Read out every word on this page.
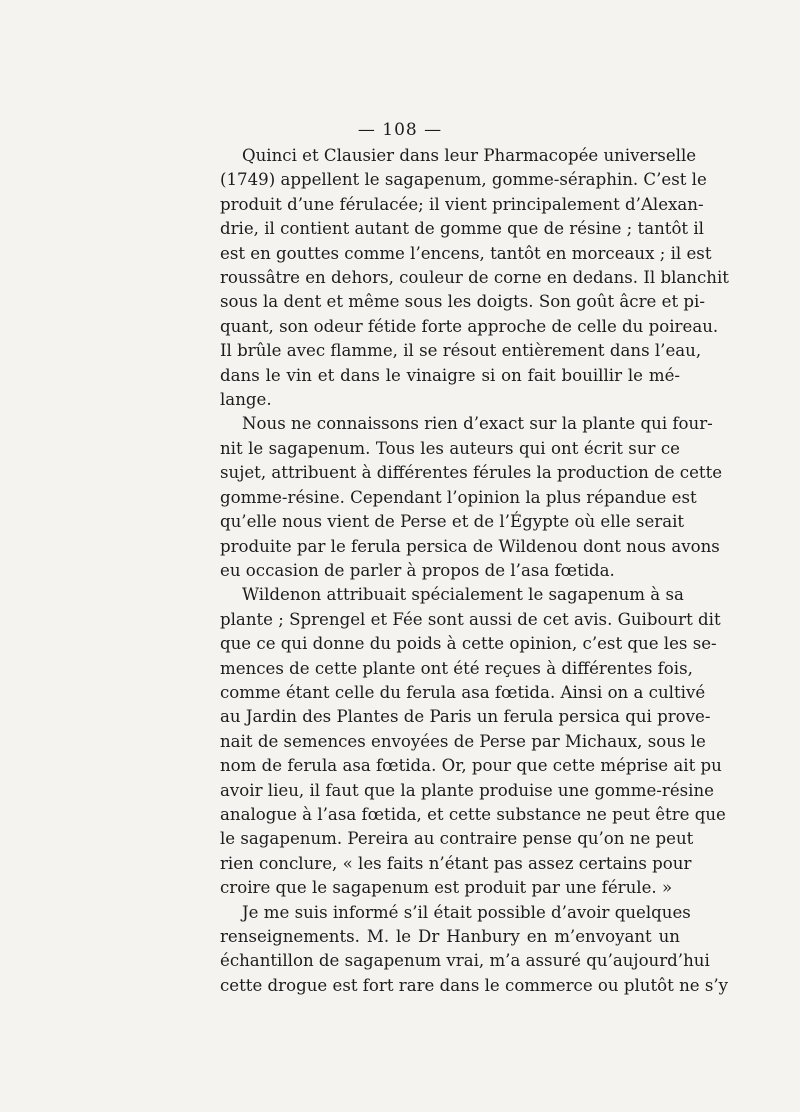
— 108 —
Quinci et Clausier dans leur Pharmacopée universelle
(1749) appellent le sagapenum, gomme-séraphin. C’est le
produit d’une férulacée; il vient principalement d’Alexan-
drie, il contient autant de gomme que de résine ; tantôt il
est en gouttes comme l’encens, tantôt en morceaux ; il est
roussâtre en dehors, couleur de corne en dedans. Il blanchit
sous la dent et même sous les doigts. Son goût âcre et pi-
quant, son odeur fétide forte approche de celle du poireau.
Il brûle avec flamme, il se résout entièrement dans l’eau,
dans le vin et dans le vinaigre si on fait bouillir le mé-
lange.
Nous ne connaissons rien d’exact sur la plante qui four-
nit le sagapenum. Tous les auteurs qui ont écrit sur ce
sujet, attribuent à différentes férules la production de cette
gomme-résine. Cependant l’opinion la plus répandue est
qu’elle nous vient de Perse et de l’Égypte où elle serait
produite par le ferula persica de Wildenou dont nous avons
eu occasion de parler à propos de l’asa fœtida.
Wildenon attribuait spécialement le sagapenum à sa
plante ; Sprengel et Fée sont aussi de cet avis. Guibourt dit
que ce qui donne du poids à cette opinion, c’est que les se-
mences de cette plante ont été reçues à différentes fois,
comme étant celle du ferula asa fœtida. Ainsi on a cultivé
au Jardin des Plantes de Paris un ferula persica qui prove-
nait de semences envoyées de Perse par Michaux, sous le
nom de ferula asa fœtida. Or, pour que cette méprise ait pu
avoir lieu, il faut que la plante produise une gomme-résine
analogue à l’asa fœtida, et cette substance ne peut être que
le sagapenum. Pereira au contraire pense qu’on ne peut
rien conclure, « les faits n’étant pas assez certains pour
croire que le sagapenum est produit par une férule. »
Je me suis informé s’il était possible d’avoir quelques
renseignements. M. le Dr Hanbury en m’envoyant un
échantillon de sagapenum vrai, m’a assuré qu’aujourd’hui
cette drogue est fort rare dans le commerce ou plutôt ne s’y
